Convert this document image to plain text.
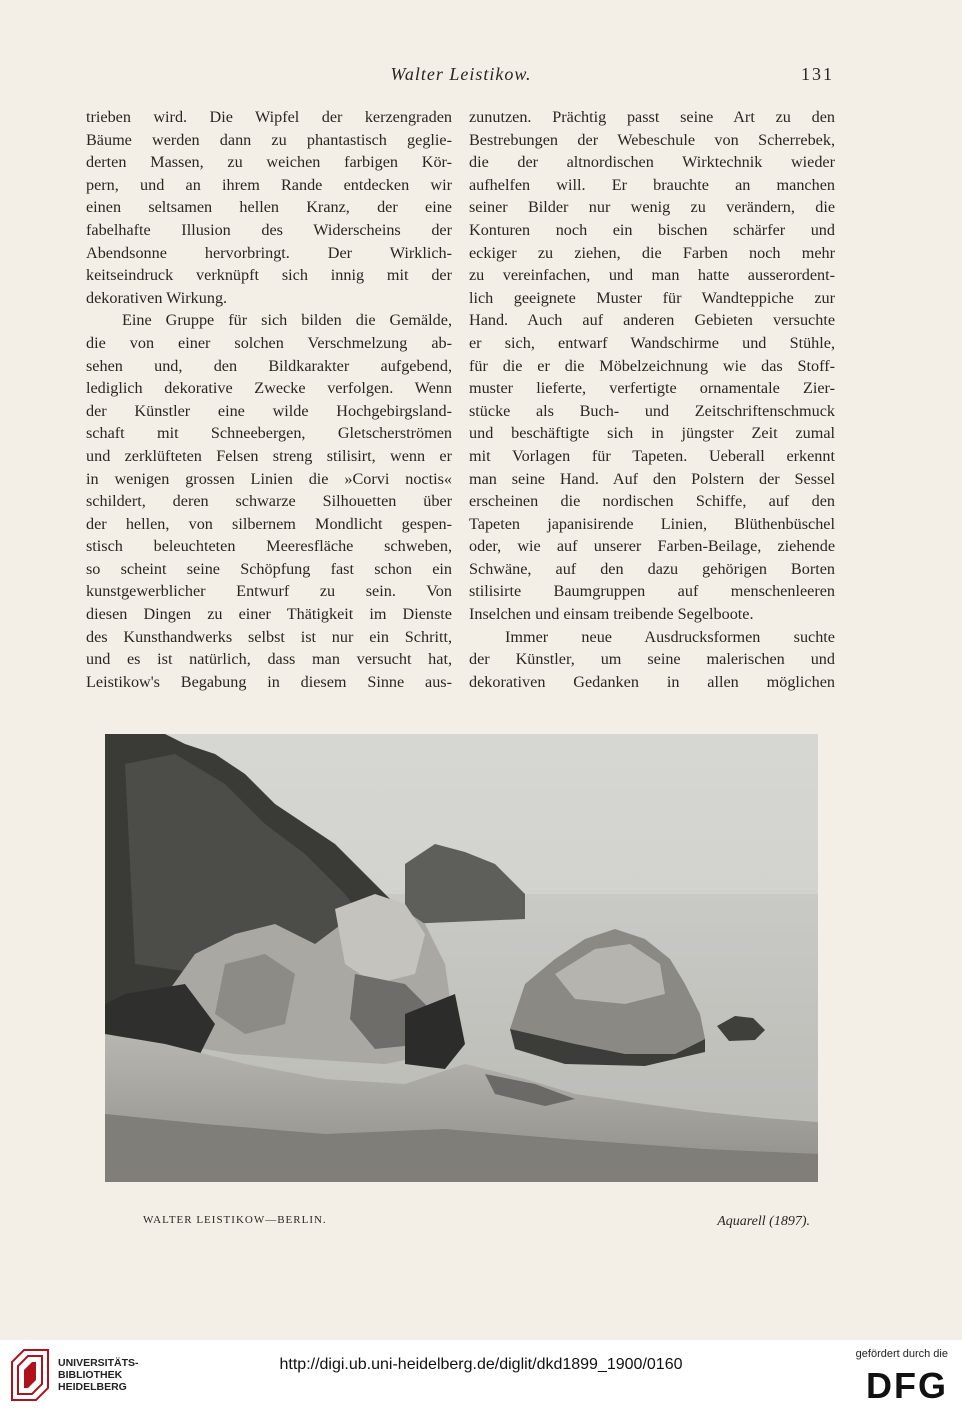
Walter Leistikow.	131
trieben wird. Die Wipfel der kerzengraden
Bäume werden dann zu phantastisch geglie-
derten Massen, zu weichen farbigen Kör-
pern, und an ihrem Rande entdecken wir
einen seltsamen hellen Kranz, der eine
fabelhafte Illusion des Widerscheins der
Abendsonne hervorbringt. Der Wirklich-
keitseindruck verknüpft sich innig mit der
dekorativen Wirkung.
Eine Gruppe für sich bilden die Gemälde,
die von einer solchen Verschmelzung ab-
sehen und, den Bildkarakter aufgebend,
lediglich dekorative Zwecke verfolgen. Wenn
der Künstler eine wilde Hochgebirgsland-
schaft mit Schneebergen, Gletscherströmen
und zerklüfteten Felsen streng stilisirt, wenn er
in wenigen grossen Linien die »Corvi noctis«
schildert, deren schwarze Silhouetten über
der hellen, von silbernem Mondlicht gespen-
stisch beleuchteten Meeresfläche schweben,
so scheint seine Schöpfung fast schon ein
kunstgewerblicher Entwurf zu sein. Von
diesen Dingen zu einer Thätigkeit im Dienste
des Kunsthandwerks selbst ist nur ein Schritt,
und es ist natürlich, dass man versucht hat,
Leistikow's Begabung in diesem Sinne aus-
zunutzen. Prächtig passt seine Art zu den
Bestrebungen der Webeschule von Scherrebek,
die der altnordischen Wirktechnik wieder
aufhelfen will. Er brauchte an manchen
seiner Bilder nur wenig zu verändern, die
Konturen noch ein bischen schärfer und
eckiger zu ziehen, die Farben noch mehr
zu vereinfachen, und man hatte ausserordent-
lich geeignete Muster für Wandteppiche zur
Hand. Auch auf anderen Gebieten versuchte
er sich, entwarf Wandschirme und Stühle,
für die er die Möbelzeichnung wie das Stoff-
muster lieferte, verfertigte ornamentale Zier-
stücke als Buch- und Zeitschriftenschmuck
und beschäftigte sich in jüngster Zeit zumal
mit Vorlagen für Tapeten. Ueberall erkennt
man seine Hand. Auf den Polstern der Sessel
erscheinen die nordischen Schiffe, auf den
Tapeten japanisirende Linien, Blüthenbüschel
oder, wie auf unserer Farben-Beilage, ziehende
Schwäne, auf den dazu gehörigen Borten
stilisirte Baumgruppen auf menschenleeren
Inselchen und einsam treibende Segelboote.
Immer neue Ausdrucksformen suchte
der Künstler, um seine malerischen und
dekorativen Gedanken in allen möglichen
WALTER LEISTIKOW—BERLIN.	Aquarell (1897).
UNIVERSITÄTS-
BIBLIOTHEK
HEIDELBERG
http://digi.ub.uni-heidelberg.de/diglit/dkd1899_1900/0160
gefördert durch die
DFG
